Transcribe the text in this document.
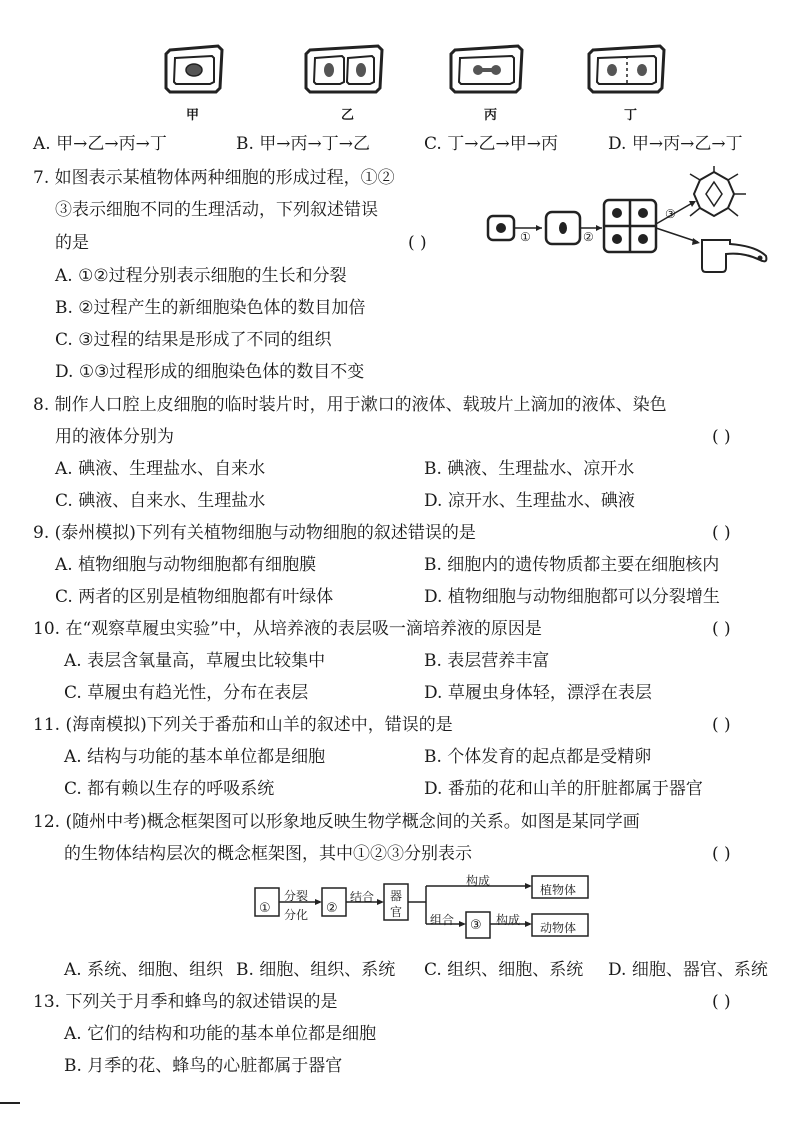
甲	乙	丙	丁
A. 甲→乙→丙→丁	B. 甲→丙→丁→乙	C. 丁→乙→甲→丙	D. 甲→丙→乙→丁
7. 如图表示某植物体两种细胞的形成过程，①②
③表示细胞不同的生理活动，下列叙述错误
的是	( )	①	②
③
A. ①②过程分别表示细胞的生长和分裂
B. ②过程产生的新细胞染色体的数目加倍
C. ③过程的结果是形成了不同的组织
D. ①③过程形成的细胞染色体的数目不变
8. 制作人口腔上皮细胞的临时装片时，用于漱口的液体、载玻片上滴加的液体、染色
用的液体分别为	( )
A. 碘液、生理盐水、自来水	B. 碘液、生理盐水、凉开水
C. 碘液、自来水、生理盐水	D. 凉开水、生理盐水、碘液
9. (泰州模拟)下列有关植物细胞与动物细胞的叙述错误的是	( )
A. 植物细胞与动物细胞都有细胞膜	B. 细胞内的遗传物质都主要在细胞核内
C. 两者的区别是植物细胞都有叶绿体	D. 植物细胞与动物细胞都可以分裂增生
10. 在“观察草履虫实验”中，从培养液的表层吸一滴培养液的原因是	( )
A. 表层含氧量高，草履虫比较集中	B. 表层营养丰富
C. 草履虫有趋光性，分布在表层	D. 草履虫身体轻，漂浮在表层
11. (海南模拟)下列关于番茄和山羊的叙述中，错误的是	( )
A. 结构与功能的基本单位都是细胞	B. 个体发育的起点都是受精卵
C. 都有赖以生存的呼吸系统	D. 番茄的花和山羊的肝脏都属于器官
12. (随州中考)概念框架图可以形象地反映生物学概念间的关系。如图是某同学画
的生物体结构层次的概念框架图，其中①②③分别表示	( )
①
分裂
分化 ②
结合 器
官
构成
植物体
组合 ③ 构成
动物体
A. 系统、细胞、组织 B. 细胞、组织、系统 C. 组织、细胞、系统 D. 细胞、器官、系统
13. 下列关于月季和蜂鸟的叙述错误的是	( )
A. 它们的结构和功能的基本单位都是细胞
B. 月季的花、蜂鸟的心脏都属于器官
